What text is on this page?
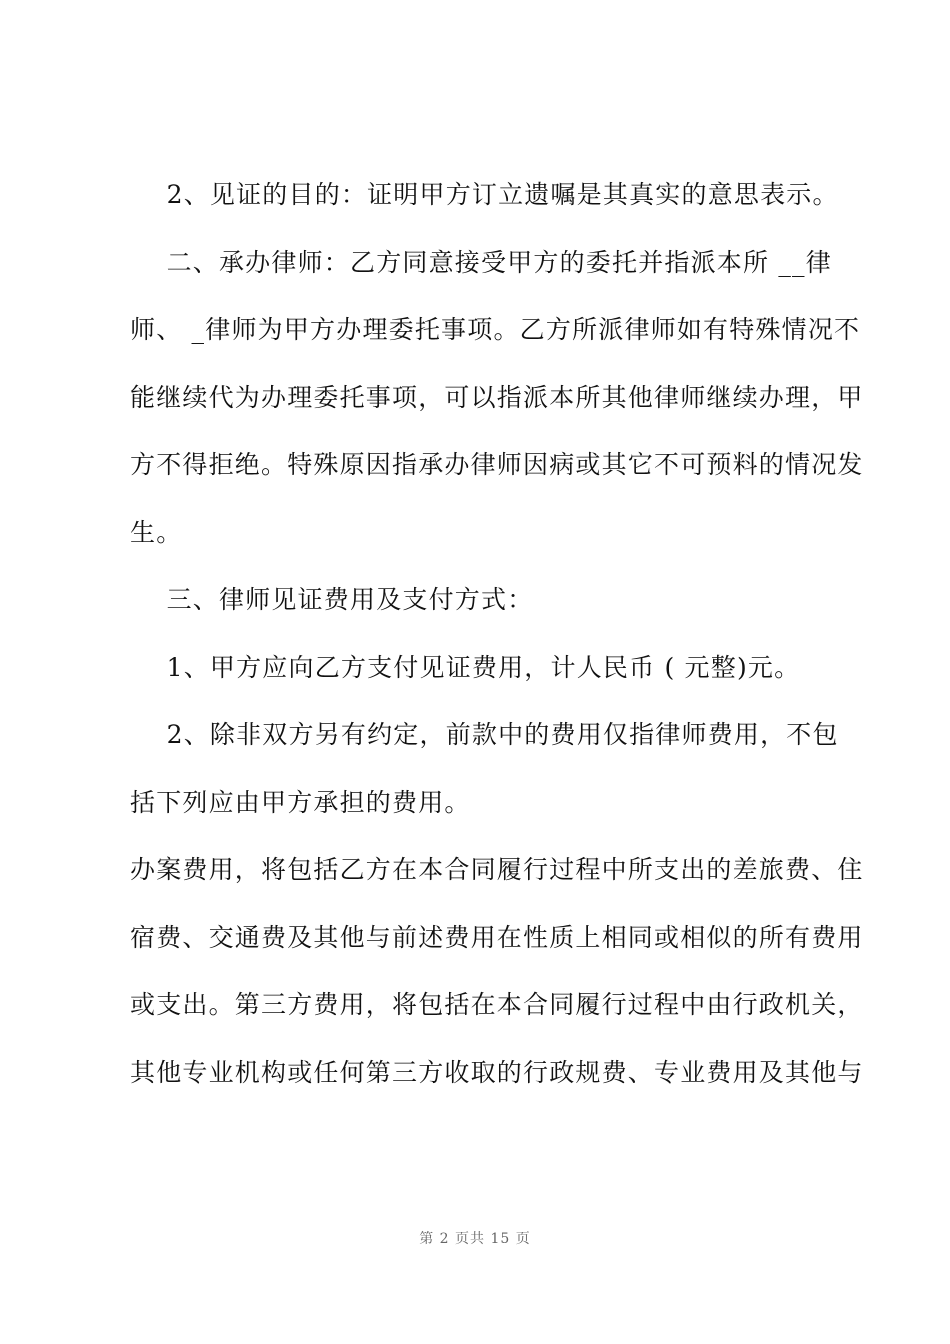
2、见证的目的：证明甲方订立遗嘱是其真实的意思表示。
二、承办律师：乙方同意接受甲方的委托并指派本所 __律
师、 _律师为甲方办理委托事项。乙方所派律师如有特殊情况不
能继续代为办理委托事项，可以指派本所其他律师继续办理，甲
方不得拒绝。特殊原因指承办律师因病或其它不可预料的情况发
生。
三、律师见证费用及支付方式：
1、甲方应向乙方支付见证费用，计人民币 ( 元整)元。
2、除非双方另有约定，前款中的费用仅指律师费用，不包
括下列应由甲方承担的费用。
办案费用，将包括乙方在本合同履行过程中所支出的差旅费、住
宿费、交通费及其他与前述费用在性质上相同或相似的所有费用
或支出。第三方费用，将包括在本合同履行过程中由行政机关，
其他专业机构或任何第三方收取的行政规费、专业费用及其他与
第 2 页共 15 页
